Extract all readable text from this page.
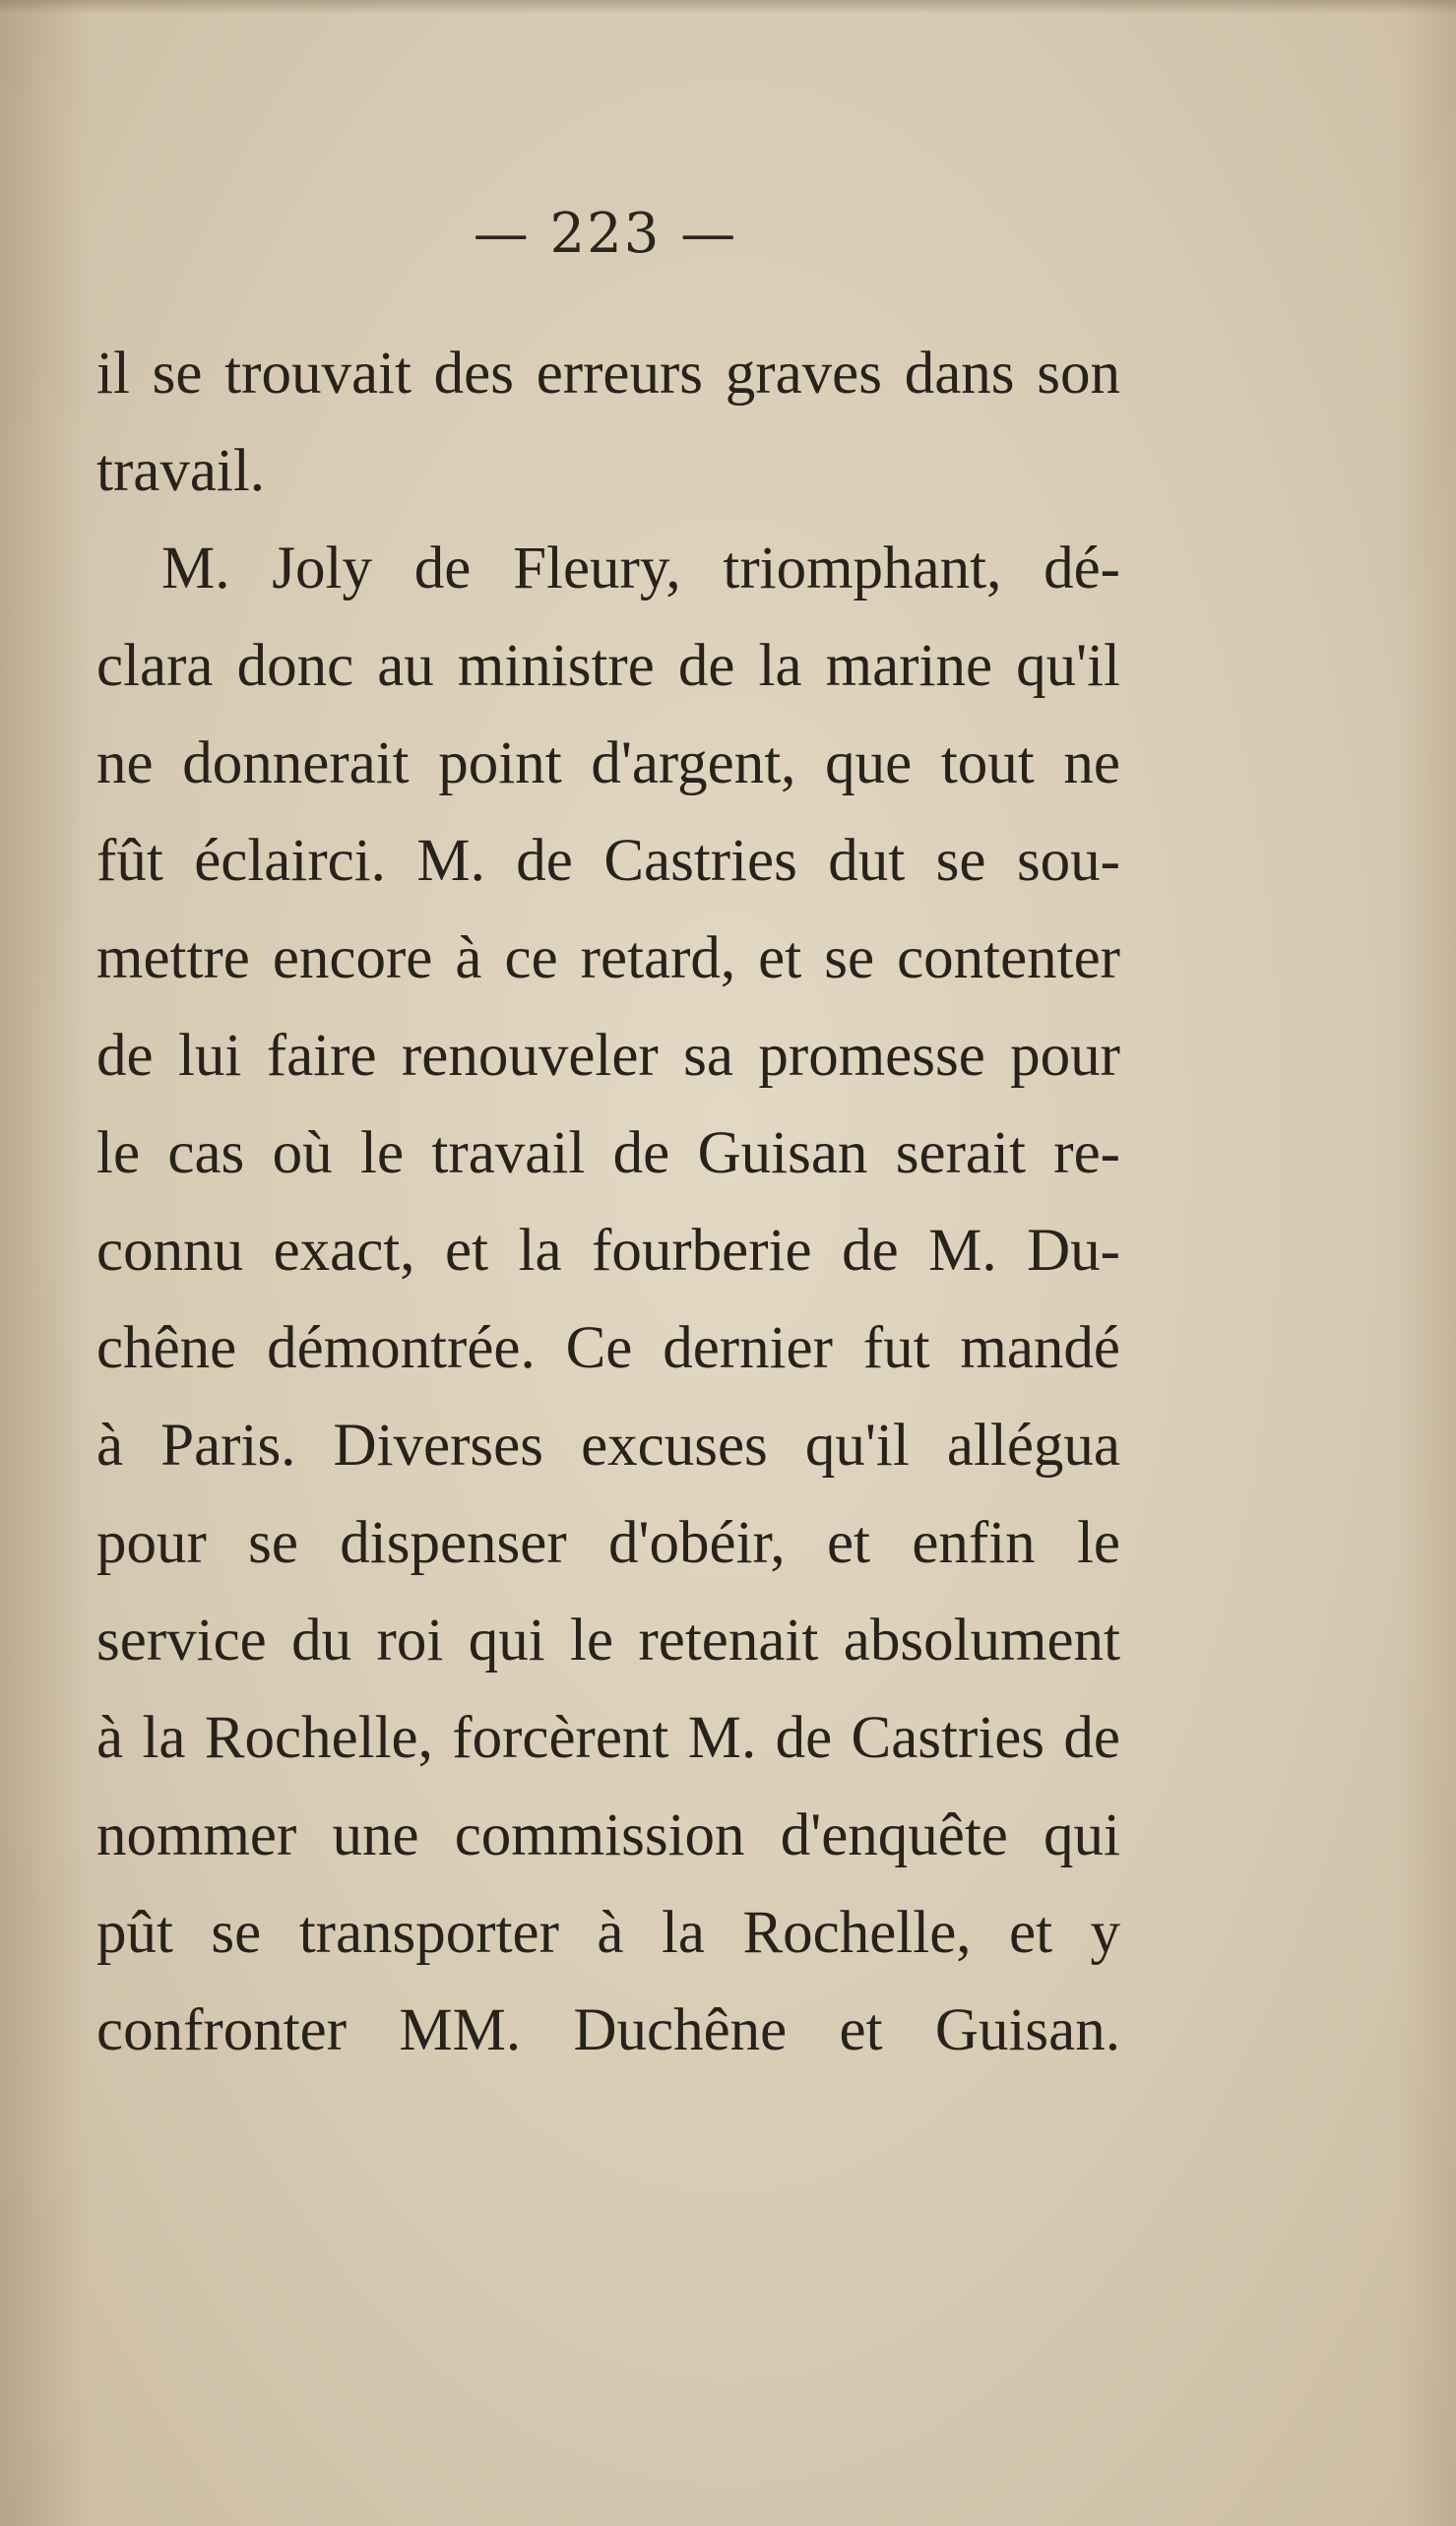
— 223 —
il se trouvait des erreurs graves dans son
travail.
M. Joly de Fleury, triomphant, dé-
clara donc au ministre de la marine qu'il
ne donnerait point d'argent, que tout ne
fût éclairci. M. de Castries dut se sou-
mettre encore à ce retard, et se contenter
de lui faire renouveler sa promesse pour
le cas où le travail de Guisan serait re-
connu exact, et la fourberie de M. Du-
chêne démontrée. Ce dernier fut mandé
à Paris. Diverses excuses qu'il allégua
pour se dispenser d'obéir, et enfin le
service du roi qui le retenait absolument
à la Rochelle, forcèrent M. de Castries de
nommer une commission d'enquête qui
pût se transporter à la Rochelle, et y
confronter MM. Duchêne et Guisan.
